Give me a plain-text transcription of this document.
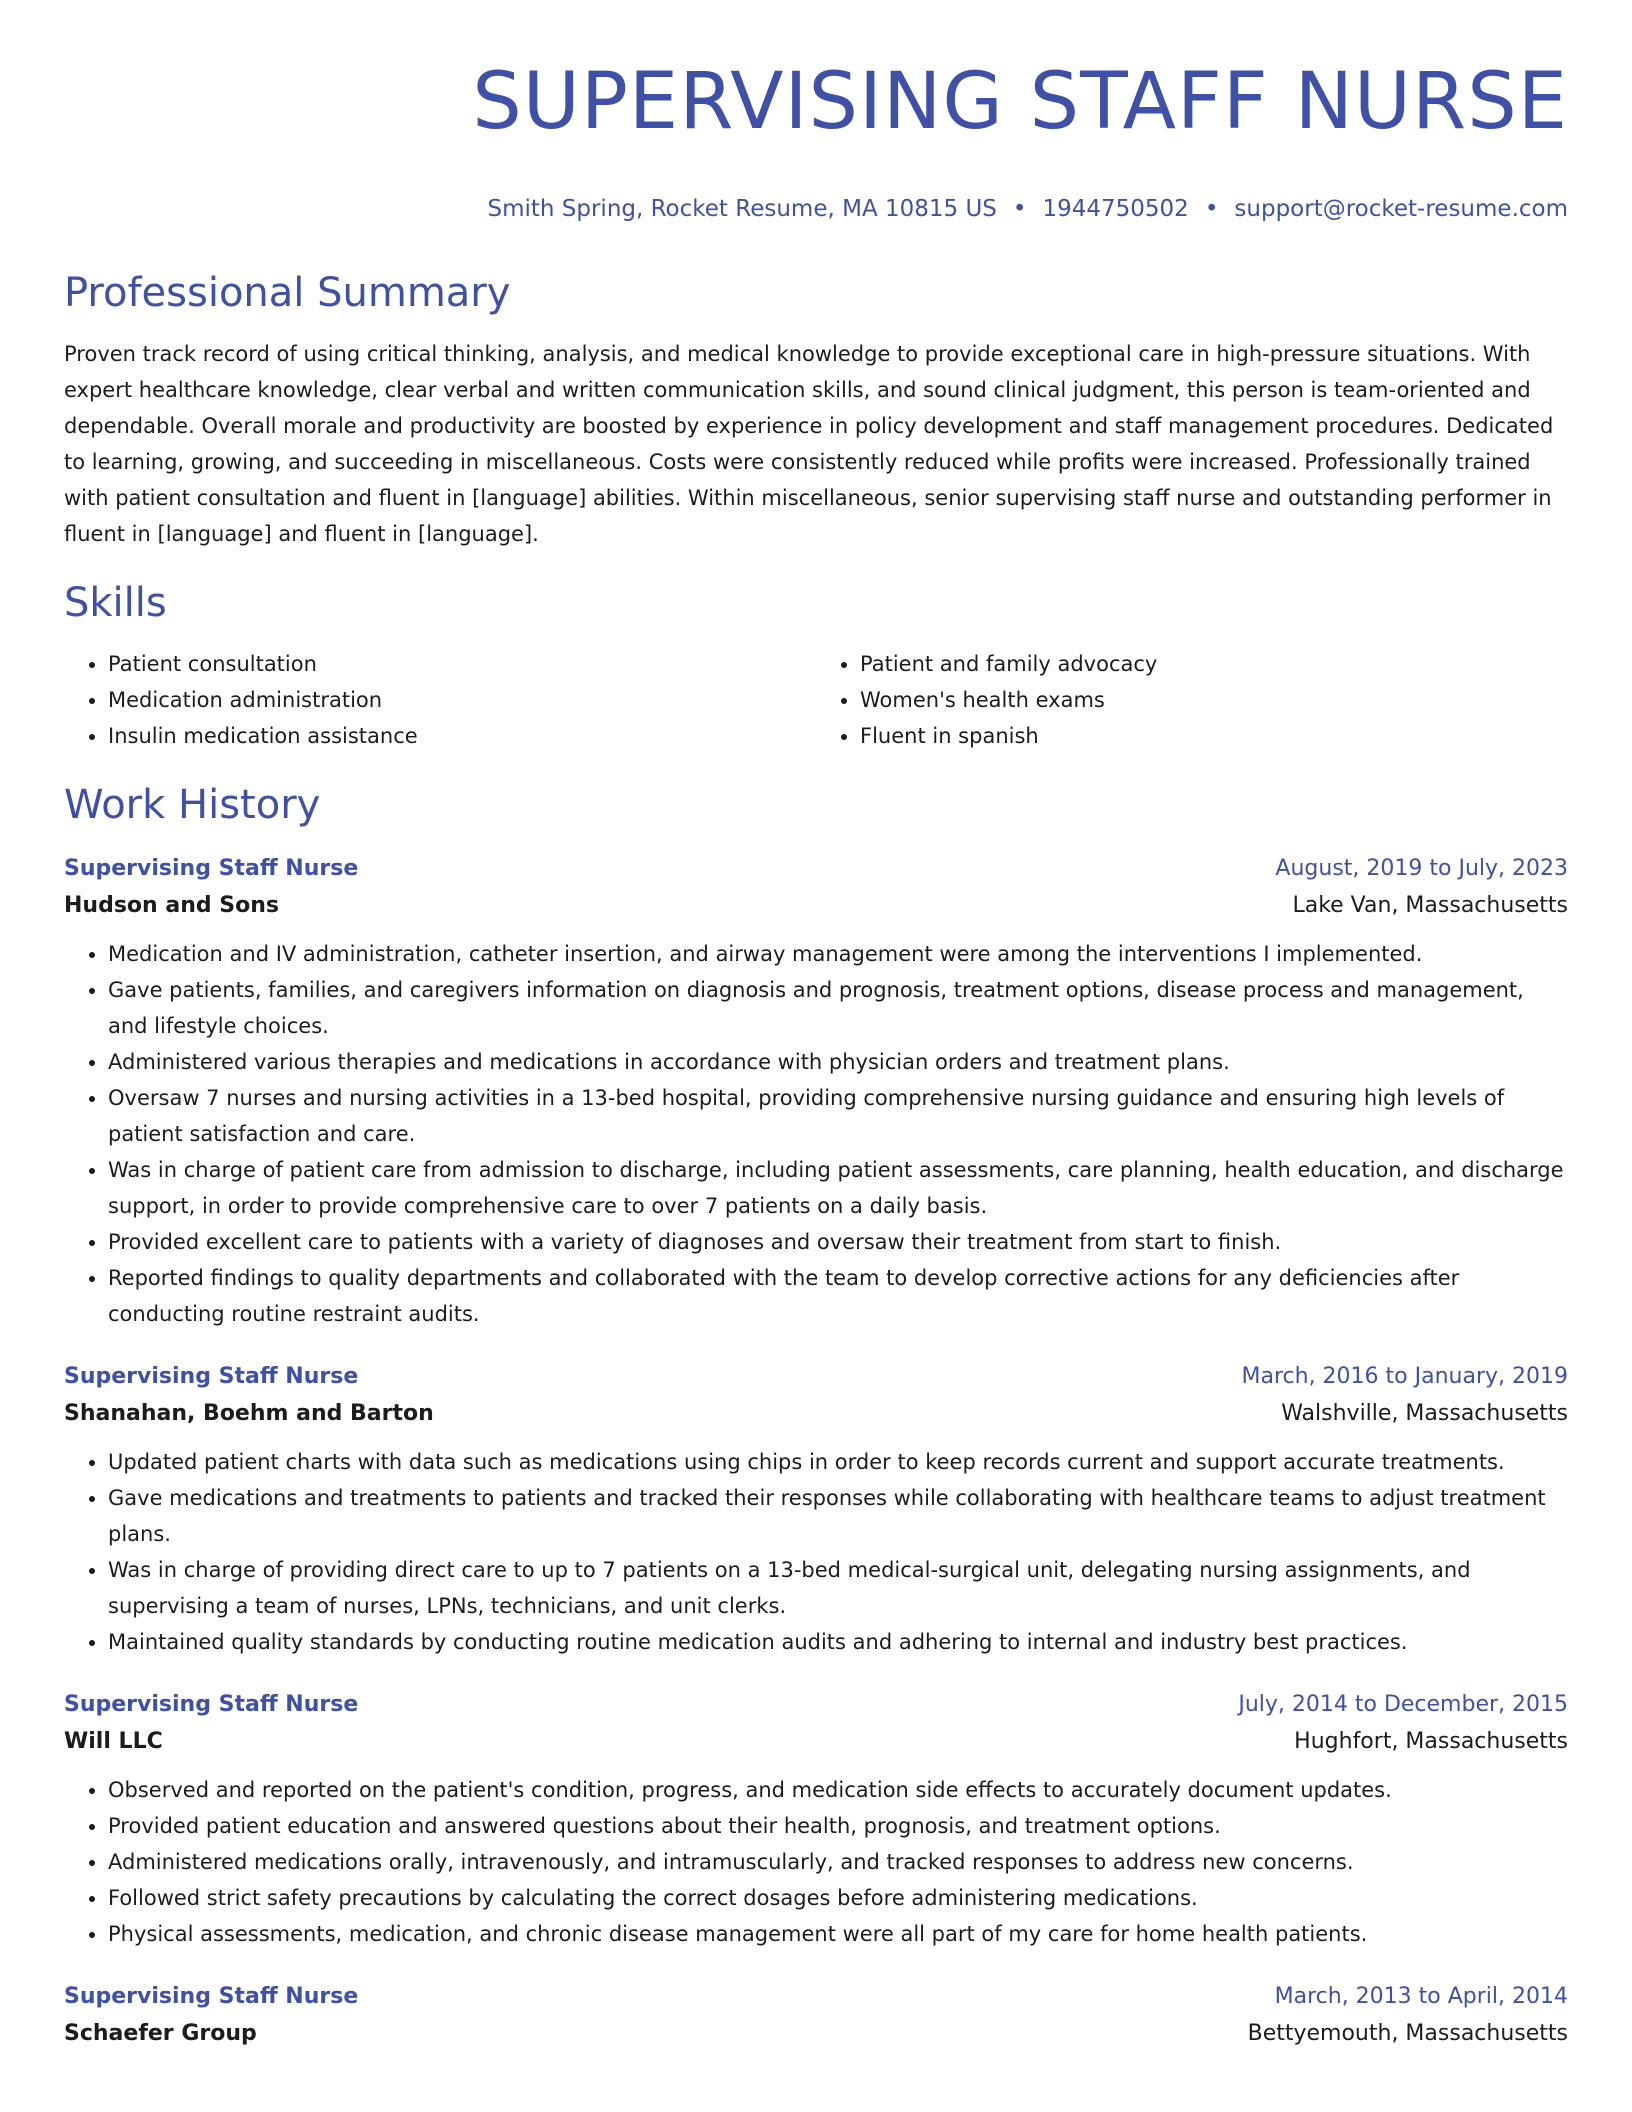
SUPERVISING STAFF NURSE
Smith Spring, Rocket Resume, MA 10815 US • 1944750502 • support@rocket-resume.com
Professional Summary

Proven track record of using critical thinking, analysis, and medical knowledge to provide exceptional care in high-pressure situations. With expert healthcare knowledge, clear verbal and written communication skills, and sound clinical judgment, this person is team-oriented and dependable. Overall morale and productivity are boosted by experience in policy development and staff management procedures. Dedicated to learning, growing, and succeeding in miscellaneous. Costs were consistently reduced while profits were increased. Professionally trained with patient consultation and fluent in [language] abilities. Within miscellaneous, senior supervising staff nurse and outstanding performer in fluent in [language] and fluent in [language].

Skills
• Patient consultation
• Medication administration
• Insulin medication assistance
• Patient and family advocacy
• Women's health exams
• Fluent in spanish
Work History
Supervising Staff Nurse	August, 2019 to July, 2023
Hudson and Sons	Lake Van, Massachusetts
• Medication and IV administration, catheter insertion, and airway management were among the interventions I implemented.
• Gave patients, families, and caregivers information on diagnosis and prognosis, treatment options, disease process and management, and lifestyle choices.
• Administered various therapies and medications in accordance with physician orders and treatment plans.
• Oversaw 7 nurses and nursing activities in a 13-bed hospital, providing comprehensive nursing guidance and ensuring high levels of patient satisfaction and care.
• Was in charge of patient care from admission to discharge, including patient assessments, care planning, health education, and discharge support, in order to provide comprehensive care to over 7 patients on a daily basis.
• Provided excellent care to patients with a variety of diagnoses and oversaw their treatment from start to finish.
• Reported findings to quality departments and collaborated with the team to develop corrective actions for any deficiencies after conducting routine restraint audits.
Supervising Staff Nurse	March, 2016 to January, 2019
Shanahan, Boehm and Barton	Walshville, Massachusetts
• Updated patient charts with data such as medications using chips in order to keep records current and support accurate treatments.
• Gave medications and treatments to patients and tracked their responses while collaborating with healthcare teams to adjust treatment plans.
• Was in charge of providing direct care to up to 7 patients on a 13-bed medical-surgical unit, delegating nursing assignments, and supervising a team of nurses, LPNs, technicians, and unit clerks.
• Maintained quality standards by conducting routine medication audits and adhering to internal and industry best practices.
Supervising Staff Nurse	July, 2014 to December, 2015
Will LLC	Hughfort, Massachusetts
• Observed and reported on the patient's condition, progress, and medication side effects to accurately document updates.
• Provided patient education and answered questions about their health, prognosis, and treatment options.
• Administered medications orally, intravenously, and intramuscularly, and tracked responses to address new concerns.
• Followed strict safety precautions by calculating the correct dosages before administering medications.
• Physical assessments, medication, and chronic disease management were all part of my care for home health patients.
Supervising Staff Nurse	March, 2013 to April, 2014
Schaefer Group	Bettyemouth, Massachusetts
